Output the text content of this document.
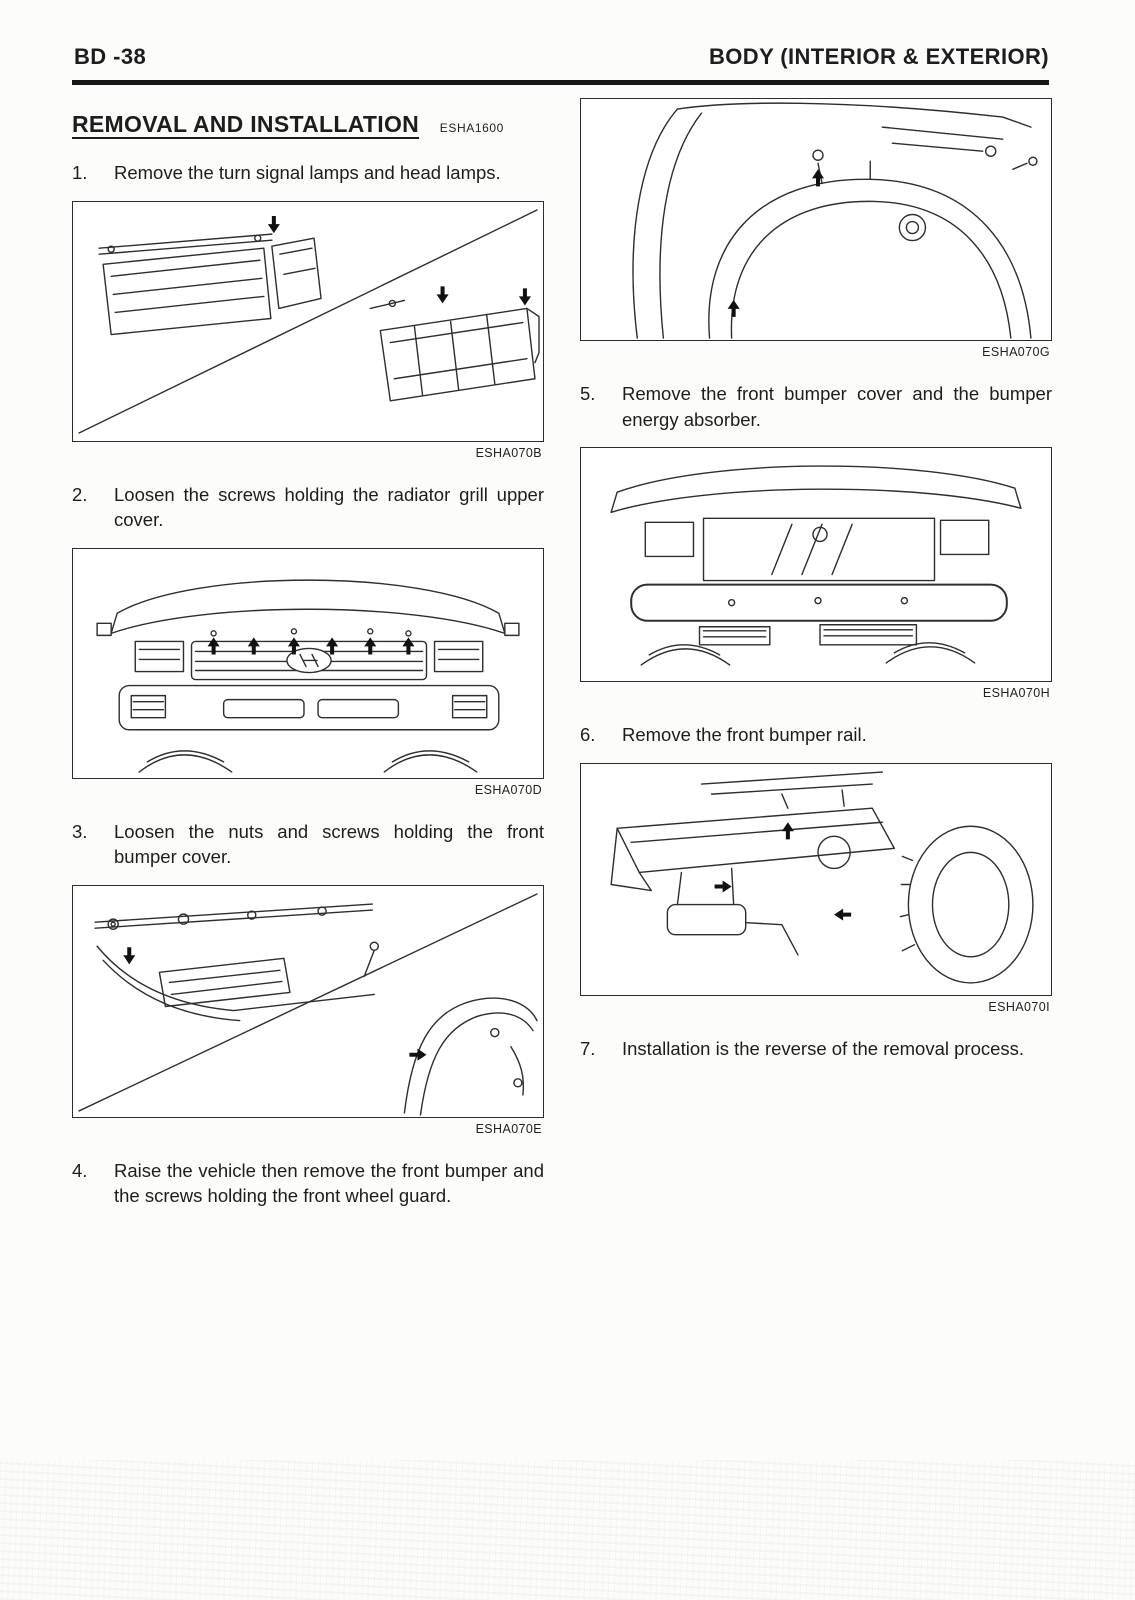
BD -38	BODY (INTERIOR & EXTERIOR)
REMOVAL AND INSTALLATION ESHA1600
1.	Remove the turn signal lamps and head lamps.
ESHA070B
2.	Loosen the screws holding the radiator grill upper cover.
ESHA070D
3.	Loosen the nuts and screws holding the front bumper cover.
ESHA070E
4.	Raise the vehicle then remove the front bumper and the screws holding the front wheel guard.
ESHA070G
5.	Remove the front bumper cover and the bumper energy absorber.
ESHA070H
6.	Remove the front bumper rail.
ESHA070I
7.	Installation is the reverse of the removal process.
